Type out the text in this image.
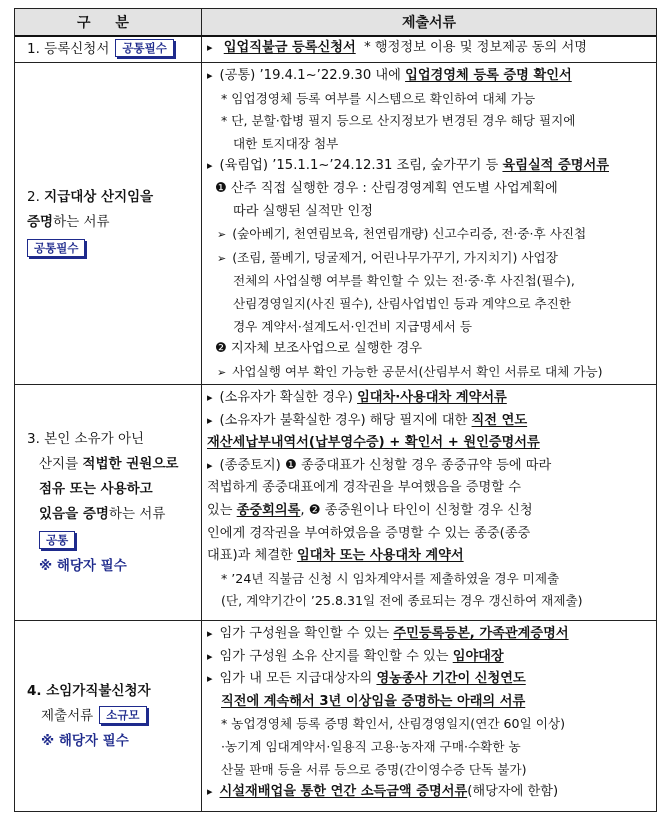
구 분	제출서류
1. 등록신청서 공통필수
▸	입업직불금 등록신청서 * 행정정보 이용 및 정보제공 동의 서명
2. 지급대상 산지임을
증명하는 서류
공통필수
▸ (공통) ’19.4.1~’22.9.30 내에 입업경영체 등록 증명 확인서
* 임업경영체 등록 여부를 시스템으로 확인하여 대체 가능
* 단, 분할·합병 필지 등으로 산지정보가 변경된 경우 해당 필지에
대한 토지대장 첨부
▸ (육림업) ’15.1.1~’24.12.31 조림, 숲가꾸기 등 육림실적 증명서류
❶ 산주 직접 실행한 경우 : 산림경영계획 연도별 사업계획에
따라 실행된 실적만 인정
➢ (숲아베기, 천연림보육, 천연림개량) 신고수리증, 전·중·후 사진첩
➢ (조림, 풀베기, 덩굴제거, 어린나무가꾸기, 가지치기) 사업장
전체의 사업실행 여부를 확인할 수 있는 전·중·후 사진첩(필수),
산림경영일지(사진 필수), 산림사업법인 등과 계약으로 추진한
경우 계약서·설계도서·인건비 지급명세서 등
❷ 지자체 보조사업으로 실행한 경우
➢ 사업실행 여부 확인 가능한 공문서(산림부서 확인 서류로 대체 가능)
3. 본인 소유가 아닌
산지를 적법한 권원으로
점유 또는 사용하고
있음을 증명하는 서류
공통
※ 해당자 필수
▸ (소유자가 확실한 경우) 임대차·사용대차 계약서류
▸ (소유자가 불확실한 경우) 해당 필지에 대한 직전 연도
재산세납부내역서(납부영수증) + 확인서 + 원인증명서류
▸ (종중토지) ❶ 종중대표가 신청할 경우 종중규약 등에 따라
적법하게 종중대표에게 경작권을 부여했음을 증명할 수
있는 종중회의록, ❷ 종중원이나 타인이 신청할 경우 신청
인에게 경작권을 부여하였음을 증명할 수 있는 종중(종중
대표)과 체결한 임대차 또는 사용대차 계약서
* ’24년 직불금 신청 시 임차계약서를 제출하였을 경우 미제출
(단, 계약기간이 ’25.8.31일 전에 종료되는 경우 갱신하여 재제출)
4. 소임가직불신청자
제출서류 소규모
※ 해당자 필수
▸ 임가 구성원을 확인할 수 있는 주민등록등본, 가족관계증명서
▸ 임가 구성원 소유 산지를 확인할 수 있는 임야대장
▸ 임가 내 모든 지급대상자의 영농종사 기간이 신청연도
직전에 계속해서 3년 이상임을 증명하는 아래의 서류
* 농업경영체 등록 증명 확인서, 산림경영일지(연간 60일 이상)
·농기계 임대계약서·일용직 고용·농자재 구매·수확한 농
산물 판매 등을 서류 등으로 증명(간이영수증 단독 불가)
▸ 시설재배업을 통한 연간 소득금액 증명서류(해당자에 한함)
